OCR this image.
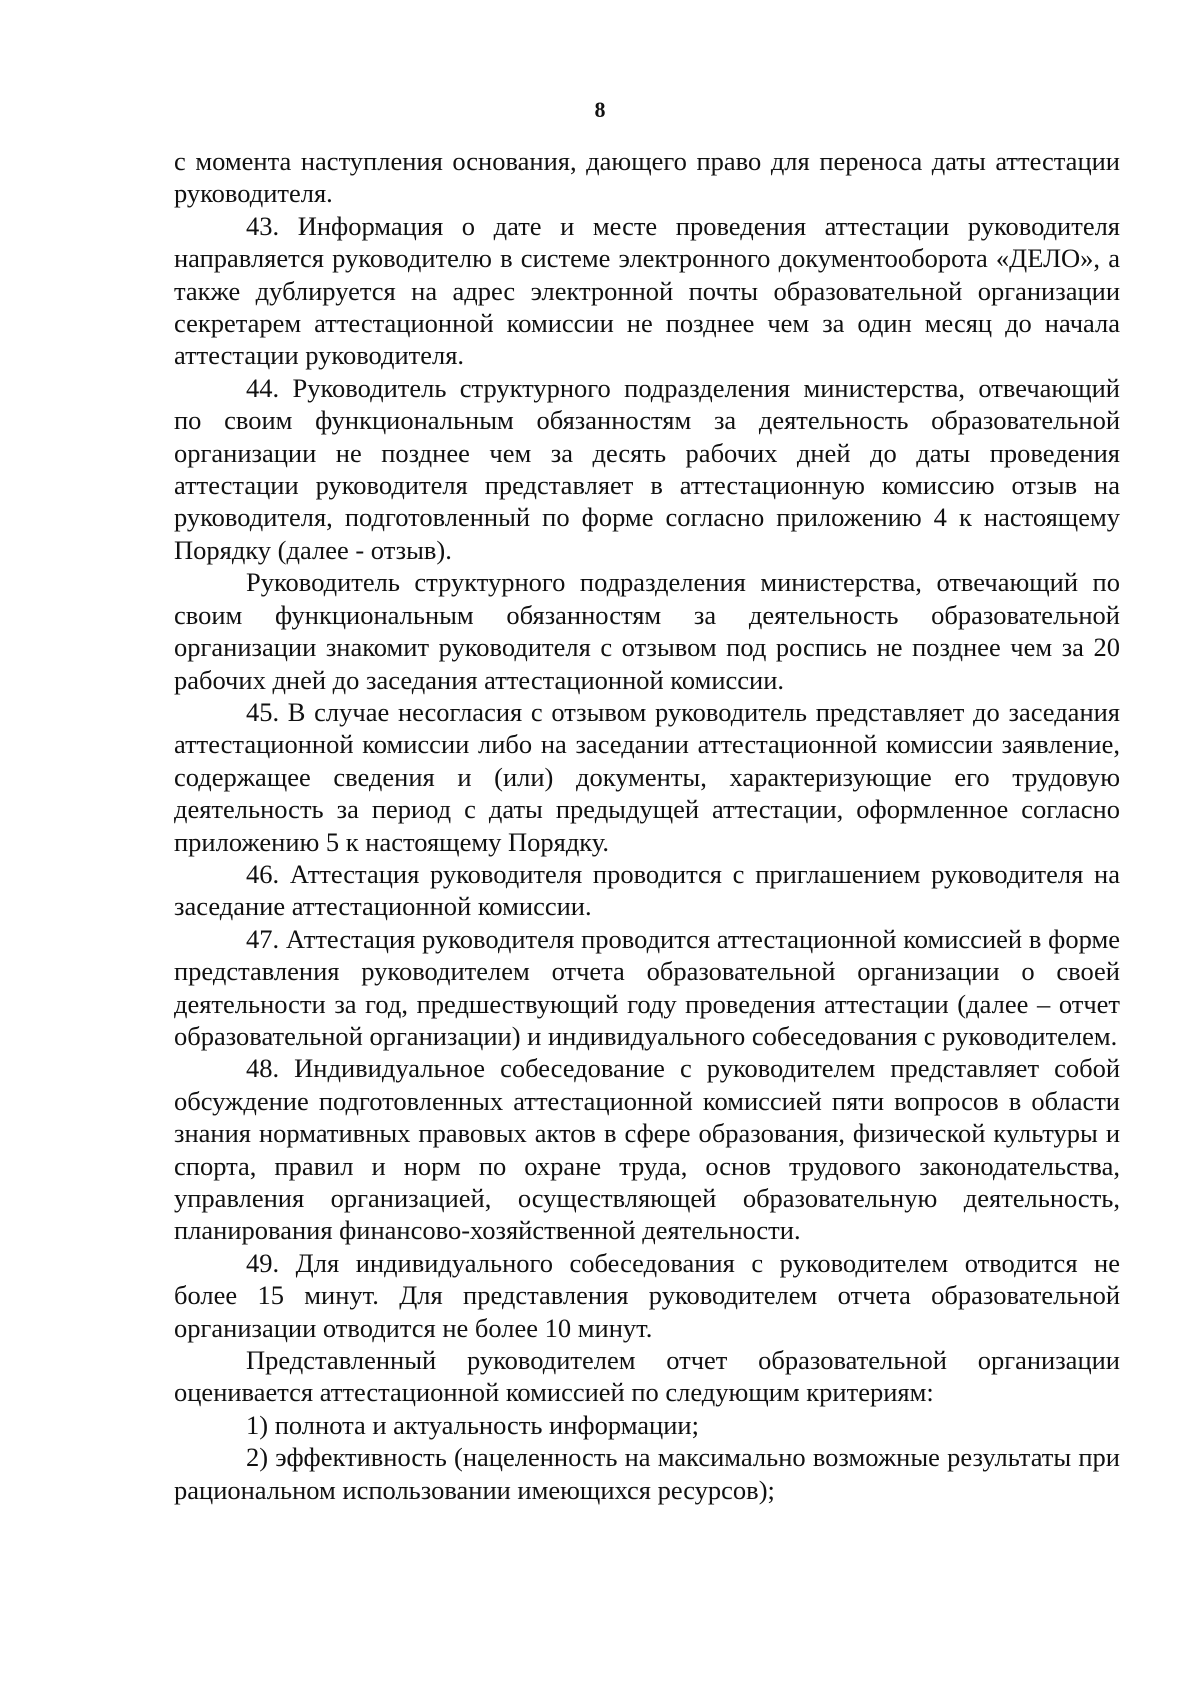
8

с момента наступления основания, дающего право для переноса даты аттестации руководителя.

43. Информация о дате и месте проведения аттестации руководителя направляется руководителю в системе электронного документооборота «ДЕЛО», а также дублируется на адрес электронной почты образовательной организации секретарем аттестационной комиссии не позднее чем за один месяц до начала аттестации руководителя.

44. Руководитель структурного подразделения министерства, отвечающий по своим функциональным обязанностям за деятельность образовательной организации не позднее чем за десять рабочих дней до даты проведения аттестации руководителя представляет в аттестационную комиссию отзыв на руководителя, подготовленный по форме согласно приложению 4 к настоящему Порядку (далее - отзыв).

Руководитель структурного подразделения министерства, отвечающий по своим функциональным обязанностям за деятельность образовательной организации знакомит руководителя с отзывом под роспись не позднее чем за 20 рабочих дней до заседания аттестационной комиссии.

45. В случае несогласия с отзывом руководитель представляет до заседания аттестационной комиссии либо на заседании аттестационной комиссии заявление, содержащее сведения и (или) документы, характеризующие его трудовую деятельность за период с даты предыдущей аттестации, оформленное согласно приложению 5 к настоящему Порядку.

46. Аттестация руководителя проводится с приглашением руководителя на заседание аттестационной комиссии.

47. Аттестация руководителя проводится аттестационной комиссией в форме представления руководителем отчета образовательной организации о своей деятельности за год, предшествующий году проведения аттестации (далее – отчет образовательной организации) и индивидуального собеседования с руководителем.

48. Индивидуальное собеседование с руководителем представляет собой обсуждение подготовленных аттестационной комиссией пяти вопросов в области знания нормативных правовых актов в сфере образования, физической культуры и спорта, правил и норм по охране труда, основ трудового законодательства, управления организацией, осуществляющей образовательную деятельность, планирования финансово-хозяйственной деятельности.

49. Для индивидуального собеседования с руководителем отводится не более 15 минут. Для представления руководителем отчета образовательной организации отводится не более 10 минут.

Представленный руководителем отчет образовательной организации оценивается аттестационной комиссией по следующим критериям:

1) полнота и актуальность информации;

2) эффективность (нацеленность на максимально возможные результаты при рациональном использовании имеющихся ресурсов);
